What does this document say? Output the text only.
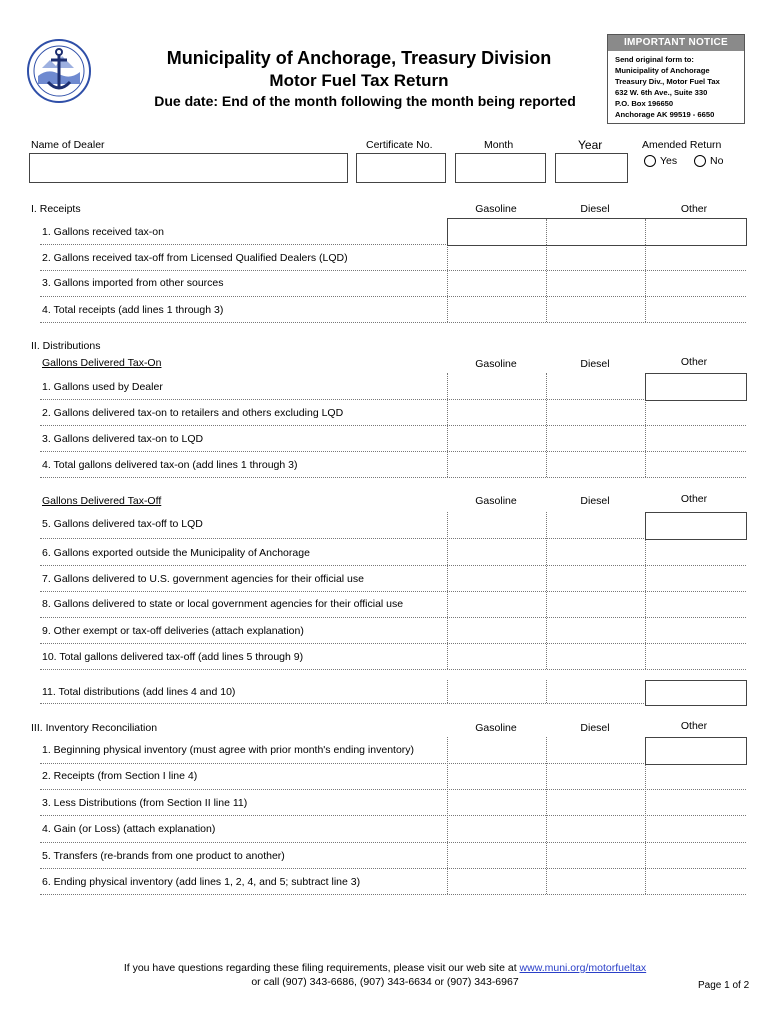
Municipality of Anchorage, Treasury Division
Motor Fuel Tax Return
Due date: End of the month following the month being reported
IMPORTANT NOTICE
Send original form to:
Municipality of Anchorage
Treasury Div., Motor Fuel Tax
632 W. 6th Ave., Suite 330
P.O. Box 196650
Anchorage AK 99519 - 6650
Name of Dealer	Certificate No.	Month	Year	Amended Return
Yes	No
I. Receipts	Gasoline	Diesel	Other
1. Gallons received tax-on
2. Gallons received tax-off from Licensed Qualified Dealers (LQD)
3. Gallons imported from other sources
4. Total receipts (add lines 1 through 3)
II. Distributions
Gallons Delivered Tax-On	Gasoline	Diesel	Other
1. Gallons used by Dealer
2. Gallons delivered tax-on to retailers and others excluding LQD
3. Gallons delivered tax-on to LQD
4. Total gallons delivered tax-on (add lines 1 through 3)
Gallons Delivered Tax-Off	Gasoline	Diesel	Other
5. Gallons delivered tax-off to LQD
6. Gallons exported outside the Municipality of Anchorage
7. Gallons delivered to U.S. government agencies for their official use
8. Gallons delivered to state or local government agencies for their official use
9. Other exempt or tax-off deliveries (attach explanation)
10. Total gallons delivered tax-off (add lines 5 through 9)
11. Total distributions (add lines 4 and 10)
III. Inventory Reconciliation	Gasoline	Diesel	Other
1. Beginning physical inventory (must agree with prior month's ending inventory)
2. Receipts (from Section I line 4)
3. Less Distributions (from Section II line 11)
4. Gain (or Loss) (attach explanation)
5. Transfers (re-brands from one product to another)
6. Ending physical inventory (add lines 1, 2, 4, and 5; subtract line 3)
If you have questions regarding these filing requirements, please visit our web site at www.muni.org/motorfueltax
or call (907) 343-6686, (907) 343-6634 or (907) 343-6967	Page 1 of 2
